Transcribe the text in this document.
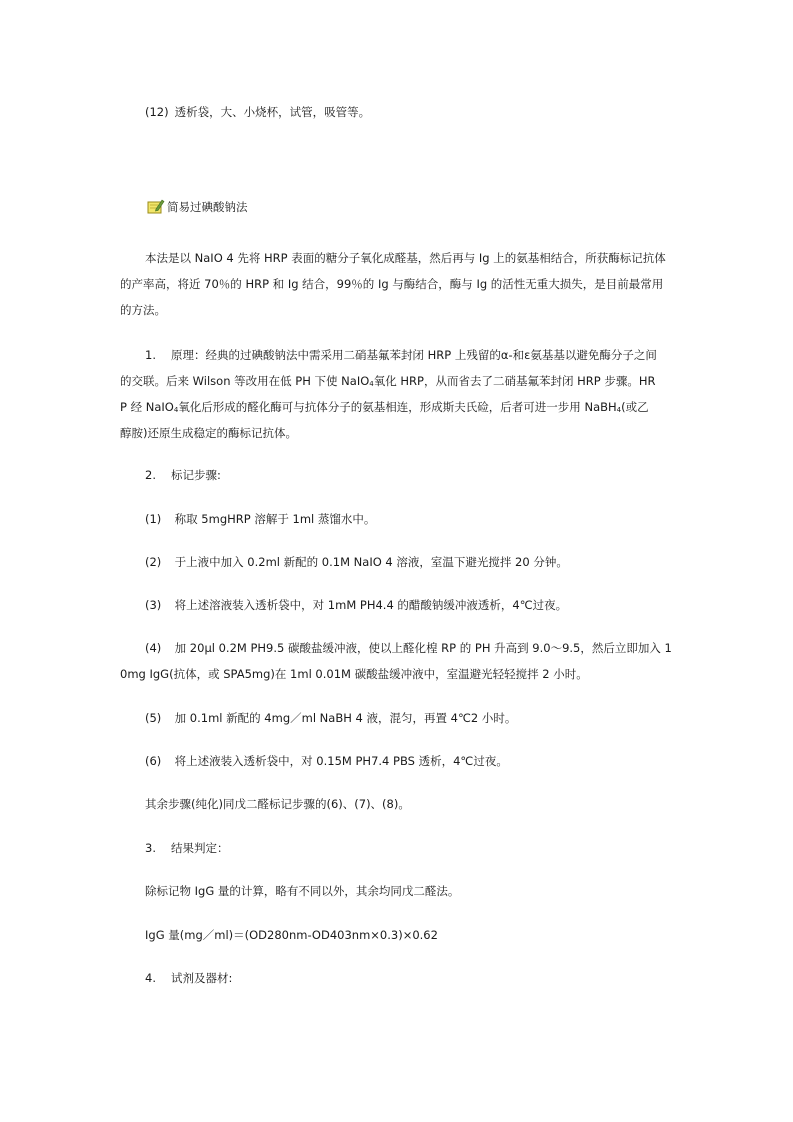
(12) 透析袋，大、小烧杯，试管，吸管等。
简易过碘酸钠法
本法是以 NaIO 4 先将 HRP 表面的糖分子氧化成醛基，然后再与 Ig 上的氨基相结合，所获酶标记抗体
的产率高，将近 70％的 HRP 和 Ig 结合，99％的 Ig 与酶结合，酶与 Ig 的活性无重大损失，是目前最常用
的方法。
1. 原理：经典的过碘酸钠法中需采用二硝基氟苯封闭 HRP 上残留的α-和ε氨基基以避免酶分子之间
的交联。后来 Wilson 等改用在低 PH 下使 NaIO4氧化 HRP，从而省去了二硝基氟苯封闭 HRP 步骤。HR
P 经 NaIO4氧化后形成的醛化酶可与抗体分子的氨基相连，形成斯夫氏硷，后者可进一步用 NaBH4(或乙
醇胺)还原生成稳定的酶标记抗体。
2. 标记步骤:
(1) 称取 5mgHRP 溶解于 1ml 蒸馏水中。
(2) 于上液中加入 0.2ml 新配的 0.1M NaIO 4 溶液，室温下避光搅拌 20 分钟。
(3) 将上述溶液装入透析袋中，对 1mM PH4.4 的醋酸钠缓冲液透析，4℃过夜。
(4) 加 20μl 0.2M PH9.5 碳酸盐缓冲液，使以上醛化楻 RP 的 PH 升高到 9.0～9.5，然后立即加入 1
0mg IgG(抗体，或 SPA5mg)在 1ml 0.01M 碳酸盐缓冲液中，室温避光轻轻搅拌 2 小时。
(5) 加 0.1ml 新配的 4mg／ml NaBH 4 液，混匀，再置 4℃2 小时。
(6) 将上述液装入透析袋中，对 0.15M PH7.4 PBS 透析，4℃过夜。
其余步骤(纯化)同戊二醛标记步骤的(6)、(7)、(8)。
3. 结果判定：
除标记物 IgG 量的计算，略有不同以外，其余均同戊二醛法。
IgG 量(mg／ml)＝(OD280nm-OD403nm×0.3)×0.62
4. 试剂及器材:
